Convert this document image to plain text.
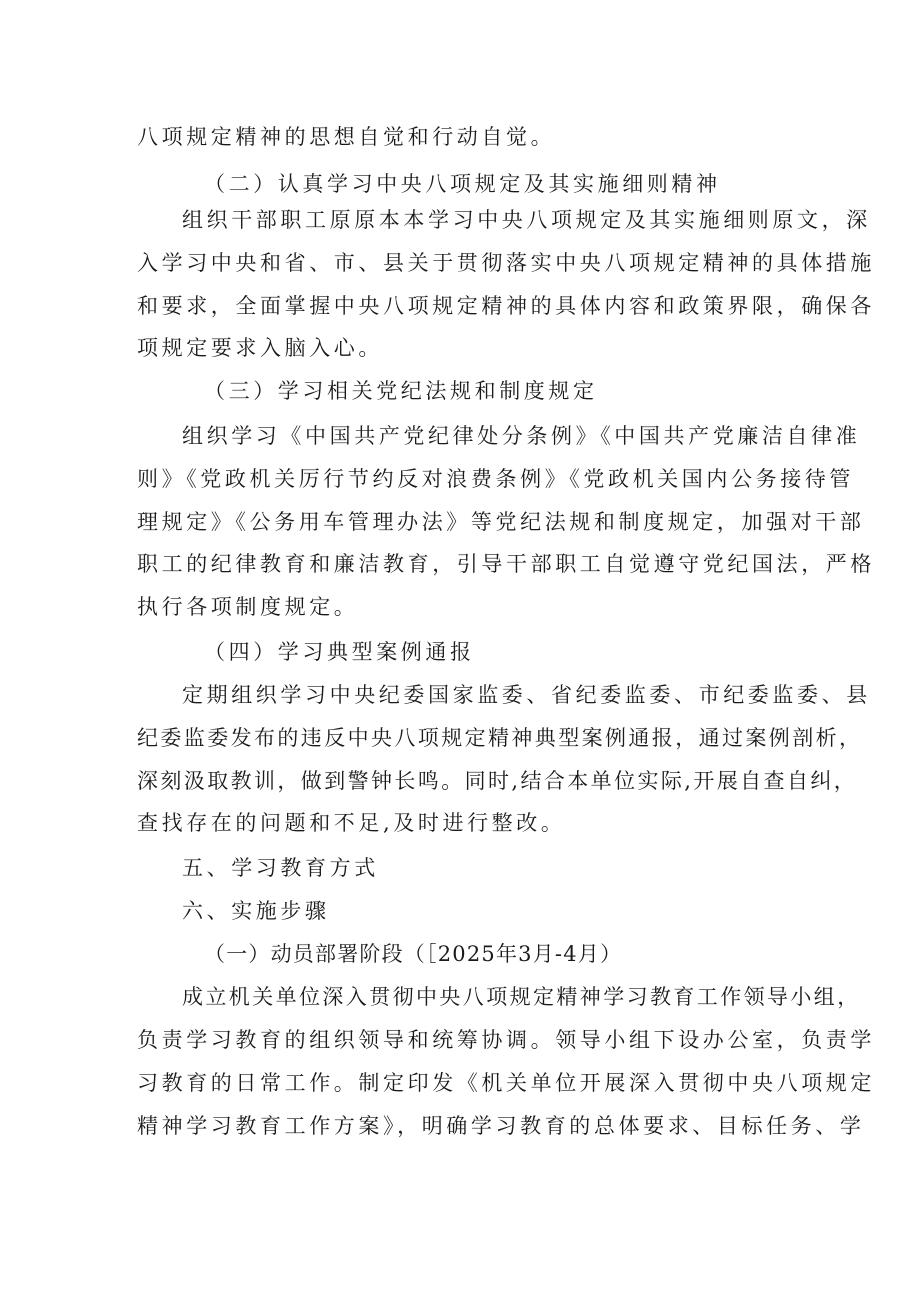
八项规定精神的思想自觉和行动自觉。
（二）认真学习中央八项规定及其实施细则精神
组织干部职工原原本本学习中央八项规定及其实施细则原文，深
入学习中央和省、市、县关于贯彻落实中央八项规定精神的具体措施
和要求，全面掌握中央八项规定精神的具体内容和政策界限，确保各
项规定要求入脑入心。
（三）学习相关党纪法规和制度规定
组织学习《中国共产党纪律处分条例》《中国共产党廉洁自律准
则》《党政机关厉行节约反对浪费条例》《党政机关国内公务接待管
理规定》《公务用车管理办法》等党纪法规和制度规定，加强对干部
职工的纪律教育和廉洁教育，引导干部职工自觉遵守党纪国法，严格
执行各项制度规定。
（四）学习典型案例通报
定期组织学习中央纪委国家监委、省纪委监委、市纪委监委、县
纪委监委发布的违反中央八项规定精神典型案例通报，通过案例剖析，
深刻汲取教训，做到警钟长鸣。同时,结合本单位实际,开展自查自纠，
查找存在的问题和不足,及时进行整改。
五、学习教育方式
六、实施步骤
（一）动员部署阶段（［2025年3月-4月）
成立机关单位深入贯彻中央八项规定精神学习教育工作领导小组，
负责学习教育的组织领导和统筹协调。领导小组下设办公室，负责学
习教育的日常工作。制定印发《机关单位开展深入贯彻中央八项规定
精神学习教育工作方案》，明确学习教育的总体要求、目标任务、学
